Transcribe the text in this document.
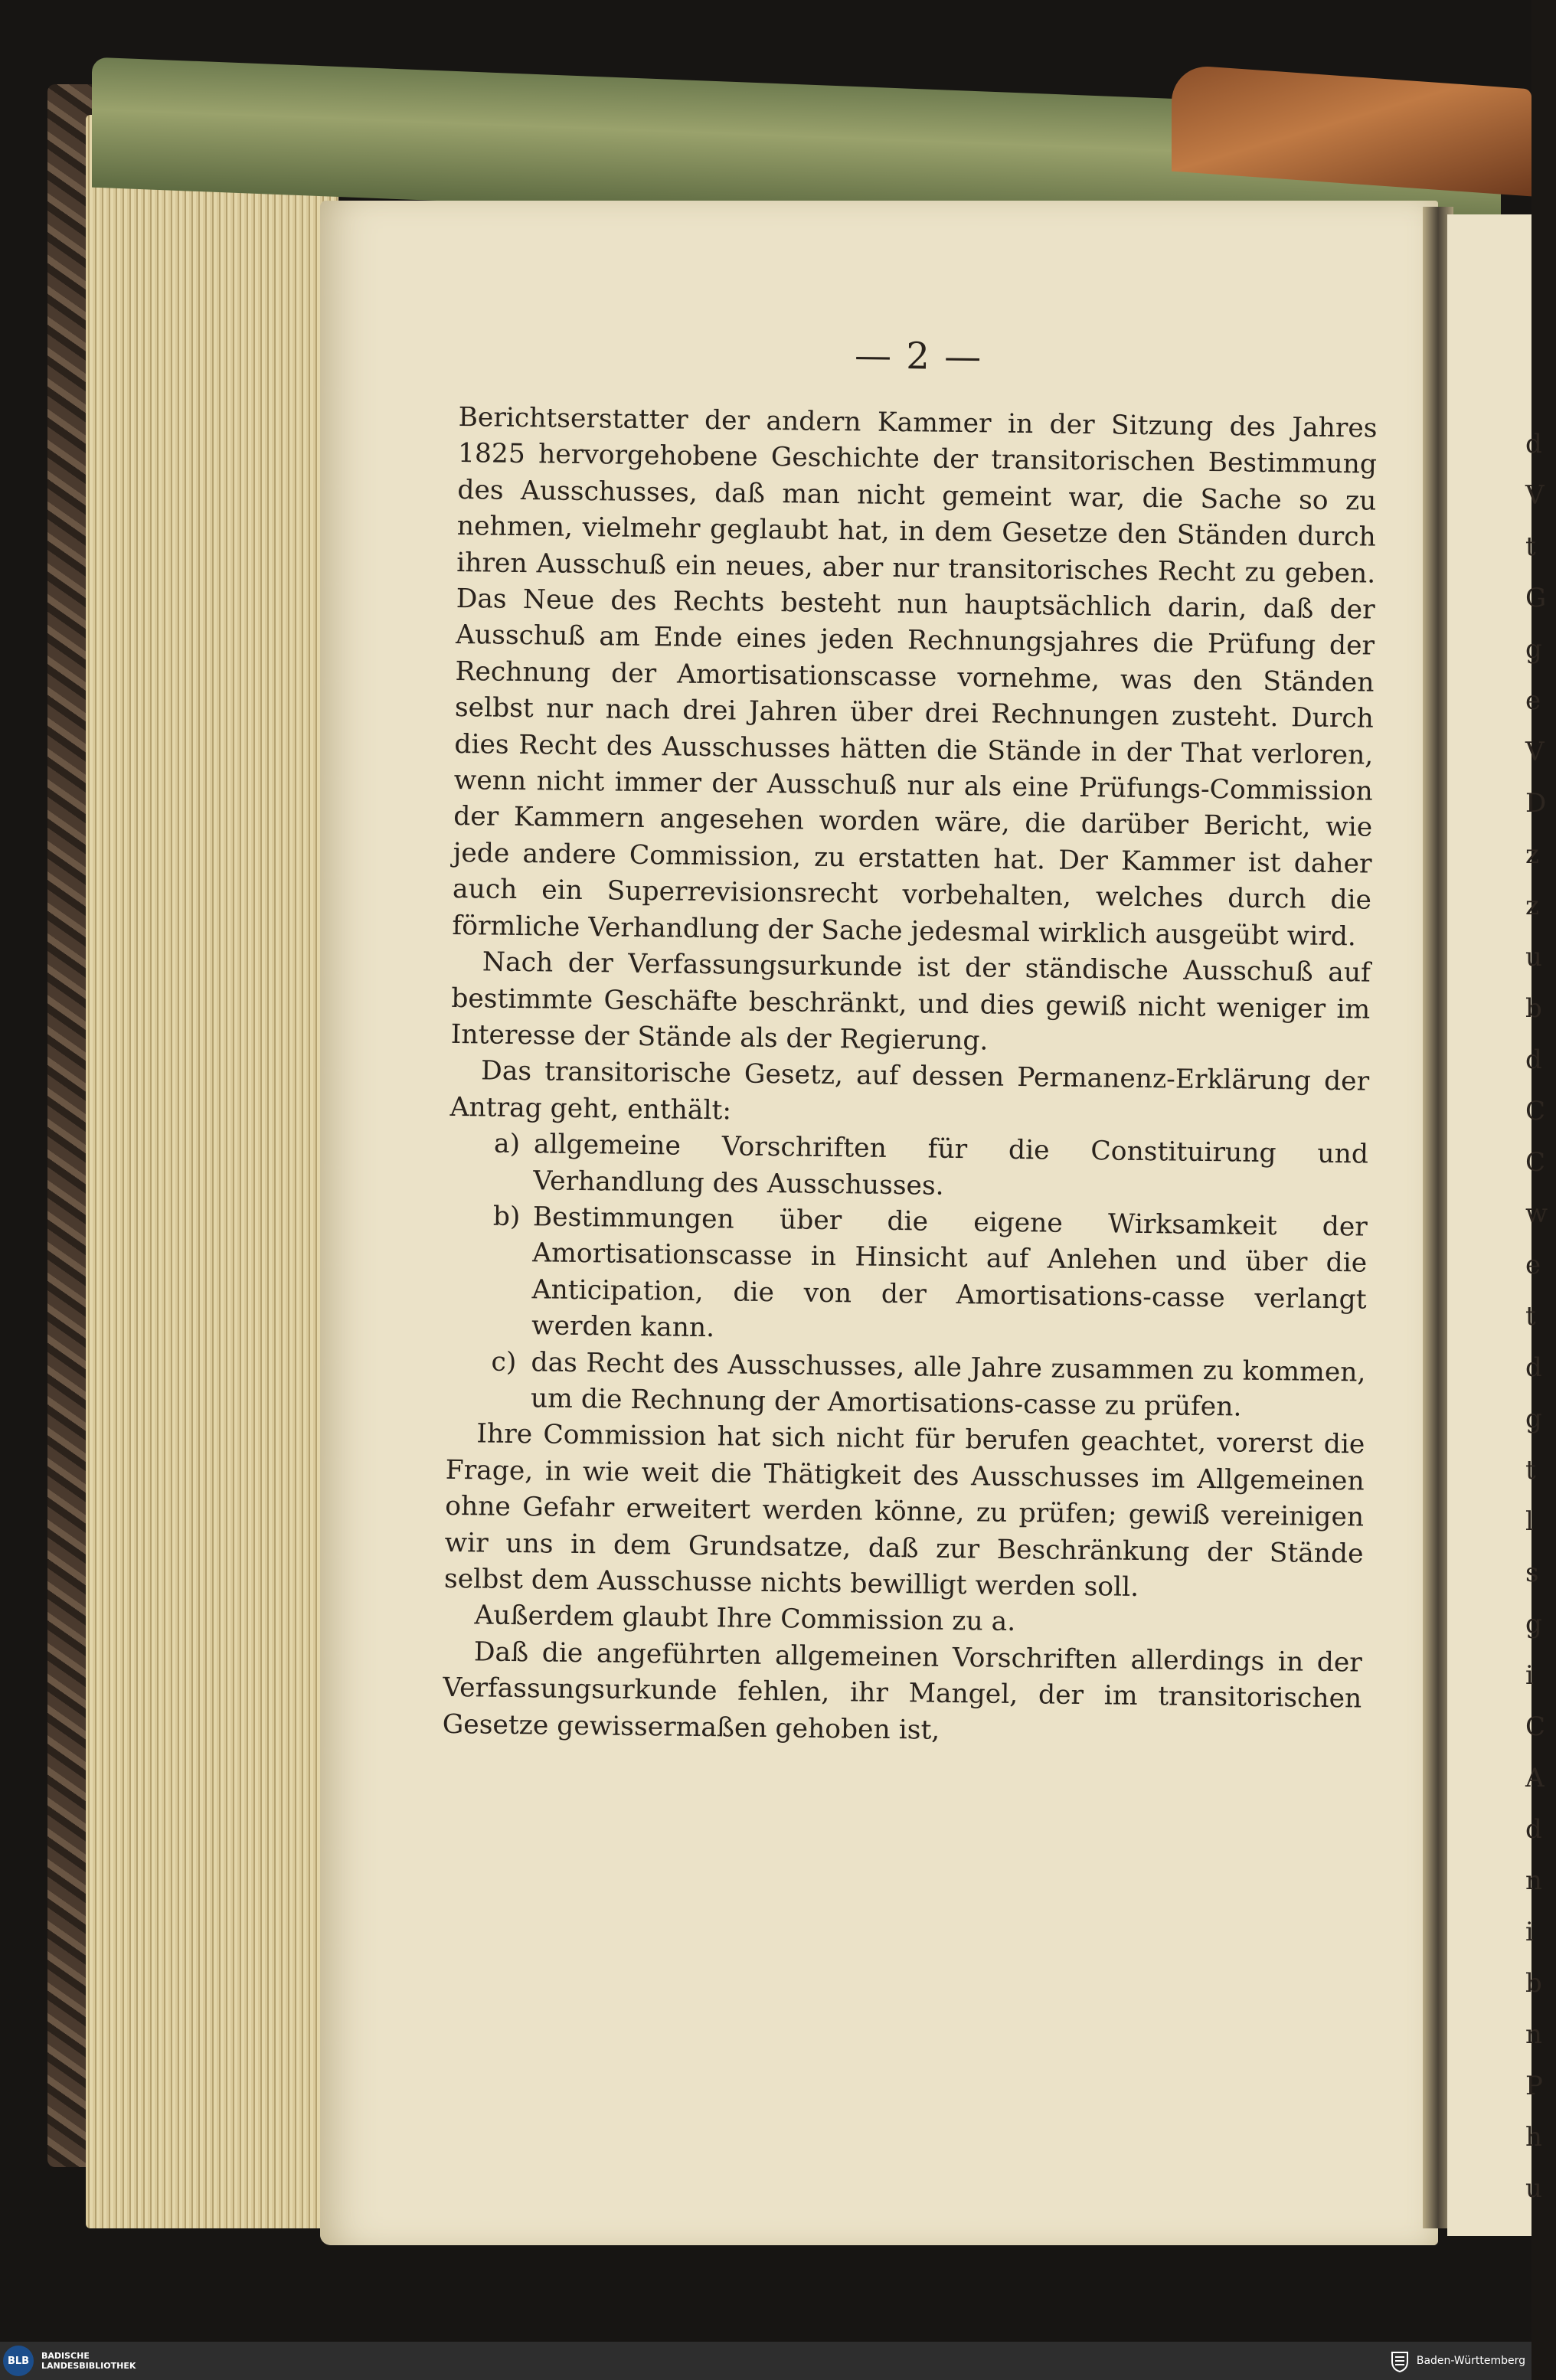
d
V
t
G
g
e
V
D
z
z
u
b
d
C
C
w
e
t
d
g
t
l
s
g
i
C
A
d
n
i
b
n
P
h
u
— 2 —

Berichtserstatter der andern Kammer in der Sitzung des Jahres 1825 hervorgehobene Geschichte der transitorischen Bestimmung des Ausschusses, daß man nicht gemeint war, die Sache so zu nehmen, vielmehr geglaubt hat, in dem Gesetze den Ständen durch ihren Ausschuß ein neues, aber nur transitorisches Recht zu geben. Das Neue des Rechts besteht nun hauptsächlich darin, daß der Ausschuß am Ende eines jeden Rechnungsjahres die Prüfung der Rechnung der Amortisationscasse vornehme, was den Ständen selbst nur nach drei Jahren über drei Rechnungen zusteht. Durch dies Recht des Ausschusses hätten die Stände in der That verloren, wenn nicht immer der Ausschuß nur als eine Prüfungs-Commission der Kammern angesehen worden wäre, die darüber Bericht, wie jede andere Commission, zu erstatten hat. Der Kammer ist daher auch ein Superrevisionsrecht vorbehalten, welches durch die förmliche Verhandlung der Sache jedesmal wirklich ausgeübt wird.

Nach der Verfassungsurkunde ist der ständische Ausschuß auf bestimmte Geschäfte beschränkt, und dies gewiß nicht weniger im Interesse der Stände als der Regierung.

Das transitorische Gesetz, auf dessen Permanenz-Erklärung der Antrag geht, enthält:

a) allgemeine Vorschriften für die Constituirung und Verhandlung des Ausschusses.
b) Bestimmungen über die eigene Wirksamkeit der Amortisationscasse in Hinsicht auf Anlehen und über die Anticipation, die von der Amortisations-casse verlangt werden kann.
c) das Recht des Ausschusses, alle Jahre zusammen zu kommen, um die Rechnung der Amortisations-casse zu prüfen.

Ihre Commission hat sich nicht für berufen geachtet, vorerst die Frage, in wie weit die Thätigkeit des Ausschusses im Allgemeinen ohne Gefahr erweitert werden könne, zu prüfen; gewiß vereinigen wir uns in dem Grundsatze, daß zur Beschränkung der Stände selbst dem Ausschusse nichts bewilligt werden soll.

Außerdem glaubt Ihre Commission zu a.

Daß die angeführten allgemeinen Vorschriften allerdings in der Verfassungsurkunde fehlen, ihr Mangel, der im transitorischen Gesetze gewissermaßen gehoben ist,

BLB	BADISCHE
LANDESBIBLIOTHEK	Baden-Württemberg
